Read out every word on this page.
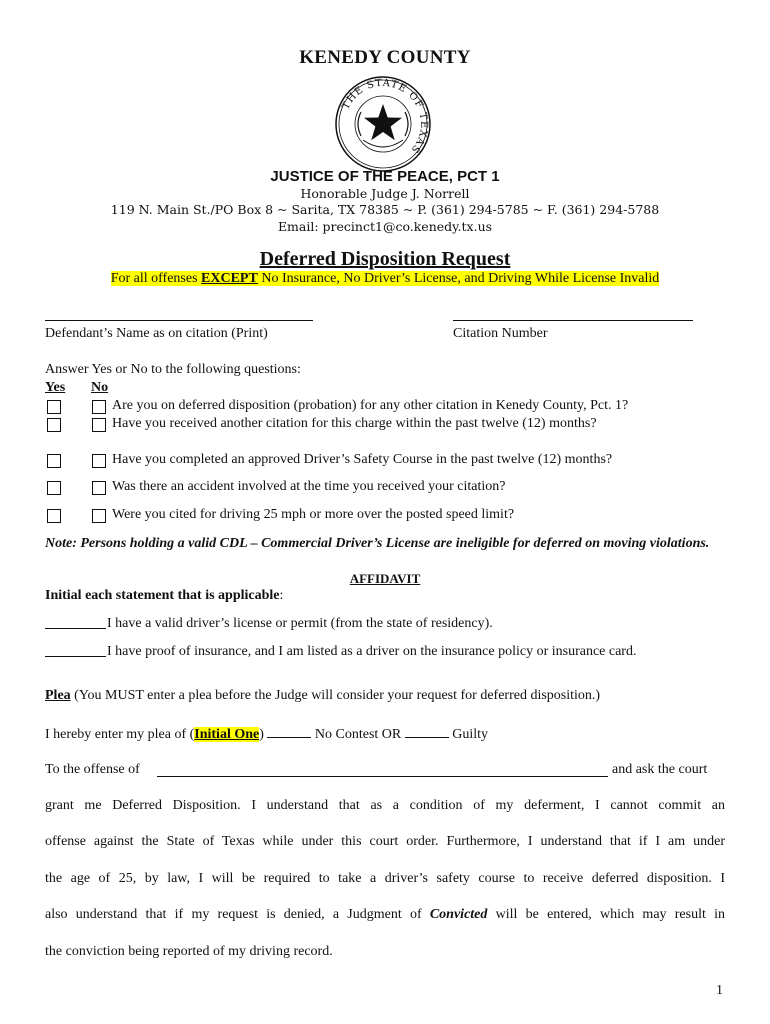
KENEDY COUNTY
THE STATE OF TEXAS
JUSTICE OF THE PEACE, PCT 1
Honorable Judge J. Norrell
119 N. Main St./PO Box 8 ~ Sarita, TX 78385 ~ P. (361) 294-5785 ~ F. (361) 294-5788
Email: precinct1@co.kenedy.tx.us
Deferred Disposition Request
For all offenses EXCEPT No Insurance, No Driver’s License, and Driving While License Invalid
Defendant’s Name as on citation (Print)	Citation Number
Answer Yes or No to the following questions:
Yes No
Are you on deferred disposition (probation) for any other citation in Kenedy County, Pct. 1?
Have you received another citation for this charge within the past twelve (12) months?
Have you completed an approved Driver’s Safety Course in the past twelve (12) months?
Was there an accident involved at the time you received your citation?
Were you cited for driving 25 mph or more over the posted speed limit?
Note: Persons holding a valid CDL – Commercial Driver’s License are ineligible for deferred on moving violations.
AFFIDAVIT
Initial each statement that is applicable:
I have a valid driver’s license or permit (from the state of residency).
I have proof of insurance, and I am listed as a driver on the insurance policy or insurance card.
Plea (You MUST enter a plea before the Judge will consider your request for deferred disposition.)
I hereby enter my plea of (Initial One)	No Contest OR	Guilty
To the offense of	and ask the court
grant me Deferred Disposition. I understand that as a condition of my deferment, I cannot commit an
offense against the State of Texas while under this court order. Furthermore, I understand that if I am under
the age of 25, by law, I will be required to take a driver’s safety course to receive deferred disposition. I
also understand that if my request is denied, a Judgment of Convicted will be entered, which may result in
the conviction being reported of my driving record.
1
